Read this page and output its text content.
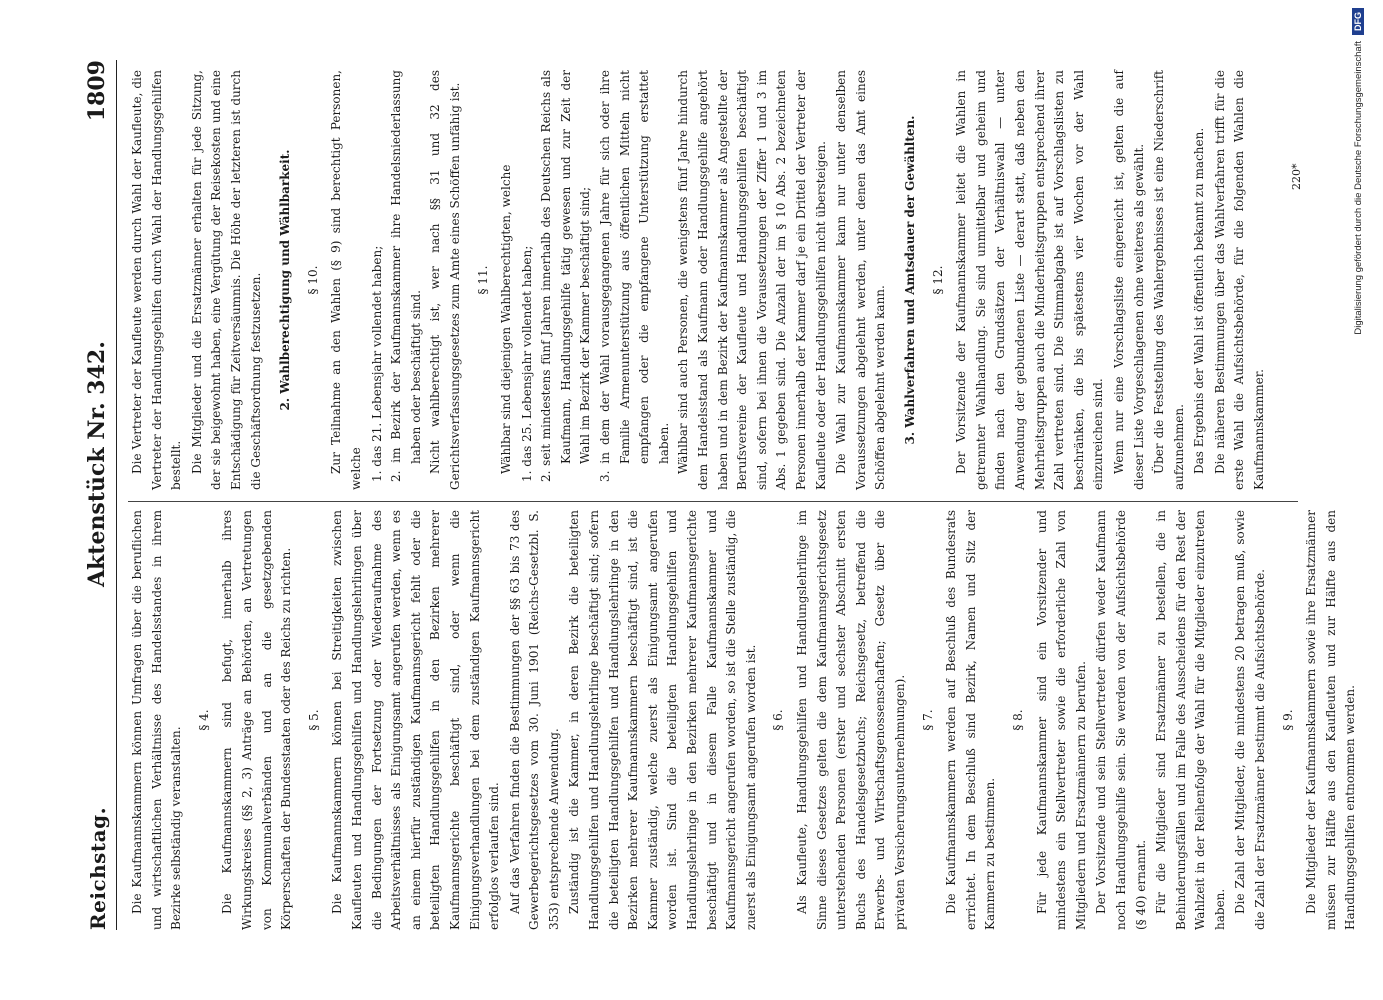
Reichstag.
Aktenstück Nr. 342.
1809

Die Kaufmannskammern können Umfragen über die beruflichen und wirtschaftlichen Verhältnisse des Handelsstandes in ihrem Bezirke selbständig veranstalten.

§ 4. Die Kaufmannskammern sind befugt, innerhalb ihres Wirkungskreises (§§ 2, 3) Anträge an Behörden, an Vertretungen von Kommunalverbänden und an die gesetzgebenden Körperschaften der Bundesstaaten oder des Reichs zu richten. § 5. Die Kaufmannskammern können bei Streitigkeiten zwischen Kaufleuten und Handlungsgehilfen und Handlungslehrlingen über die Bedingungen der Fortsetzung oder Wiederaufnahme des Arbeitsverhältnisses als Einigungsamt angerufen werden, wenn es an einem hierfür zuständigen Kaufmannsgericht fehlt oder die beteiligten Handlungsgehilfen in den Bezirken mehrerer Kaufmannsgerichte beschäftigt sind, oder wenn die Einigungsverhandlungen bei dem zuständigen Kaufmannsgericht erfolglos verlaufen sind. Auf das Verfahren finden die Bestimmungen der §§ 63 bis 73 des Gewerbegerichtsgesetzes vom 30. Juni 1901 (Reichs-Gesetzbl. S. 353) entsprechende Anwendung. Zuständig ist die Kammer, in deren Bezirk die beteiligten Handlungsgehilfen und Handlungslehrlinge beschäftigt sind; sofern die beteiligten Handlungsgehilfen und Handlungslehrlinge in den Bezirken mehrerer Kaufmannskammern beschäftigt sind, ist die Kammer zuständig, welche zuerst als Einigungsamt angerufen worden ist. Sind die beteiligten Handlungsgehilfen und Handlungslehrlinge in den Bezirken mehrerer Kaufmannsgerichte beschäftigt und in diesem Falle Kaufmannskammer und Kaufmannsgericht angerufen worden, so ist die Stelle zuständig, die zuerst als Einigungsamt angerufen worden ist. § 6. Als Kaufleute, Handlungsgehilfen und Handlungslehrlinge im Sinne dieses Gesetzes gelten die dem Kaufmannsgerichtsgesetz unterstehenden Personen (erster und sechster Abschnitt ersten Buchs des Handelsgesetzbuchs; Reichsgesetz, betreffend die Erwerbs- und Wirtschaftsgenossenschaften; Gesetz über die privaten Versicherungsunternehmungen). § 7. Die Kaufmannskammern werden auf Beschluß des Bundesrats errichtet. In dem Beschluß sind Bezirk, Namen und Sitz der Kammern zu bestimmen.

§ 8. Für jede Kaufmannskammer sind ein Vorsitzender und mindestens ein Stellvertreter sowie die erforderliche Zahl von Mitgliedern und Ersatzmännern zu berufen. Der Vorsitzende und sein Stellvertreter dürfen weder Kaufmann noch Handlungsgehilfe sein. Sie werden von der Aufsichtsbehörde (§ 40) ernannt. Für die Mitglieder sind Ersatzmänner zu bestellen, die in Behinderungsfällen und im Falle des Ausscheidens für den Rest der Wahlzeit in der Reihenfolge der Wahl für die Mitglieder einzutreten haben. Die Zahl der Mitglieder, die mindestens 20 betragen muß, sowie die Zahl der Ersatzmänner bestimmt die Aufsichtsbehörde. § 9. Die Mitglieder der Kaufmannskammern sowie ihre Ersatzmänner müssen zur Hälfte aus den Kaufleuten und zur Hälfte aus den Handlungsgehilfen entnommen werden.

Die Vertreter der Kaufleute werden durch Wahl der Kaufleute, die Vertreter der Handlungsgehilfen durch Wahl der Handlungsgehilfen bestellt. Die Mitglieder und die Ersatzmänner erhalten für jede Sitzung, der sie beigewohnt haben, eine Vergütung der Reisekosten und eine Entschädigung für Zeitversäumnis. Die Höhe der letzteren ist durch die Geschäftsordnung festzusetzen. 2. Wahlberechtigung und Wählbarkeit. § 10. Zur Teilnahme an den Wahlen (§ 9) sind berechtigt Personen, welche 1. das 21. Lebensjahr vollendet haben; 2. im Bezirk der Kaufmannskammer ihre Handelsniederlassung haben oder beschäftigt sind. Nicht wahlberechtigt ist, wer nach §§ 31 und 32 des Gerichtsverfassungsgesetzes zum Amte eines Schöffen unfähig ist. § 11. Wählbar sind diejenigen Wahlberechtigten, welche 1. das 25. Lebensjahr vollendet haben; 2. seit mindestens fünf Jahren innerhalb des Deutschen Reichs als Kaufmann, Handlungsgehilfe tätig gewesen und zur Zeit der Wahl im Bezirk der Kammer beschäftigt sind; 3. in dem der Wahl vorausgegangenen Jahre für sich oder ihre Familie Armenunterstützung aus öffentlichen Mitteln nicht empfangen oder die empfangene Unterstützung erstattet haben. Wählbar sind auch Personen, die wenigstens fünf Jahre hindurch dem Handelsstand als Kaufmann oder Handlungsgehilfe angehört haben und in dem Bezirk der Kaufmannskammer als Angestellte der Berufsvereine der Kaufleute und Handlungsgehilfen beschäftigt sind, sofern bei ihnen die Voraussetzungen der Ziffer 1 und 3 im Abs. 1 gegeben sind. Die Anzahl der im § 10 Abs. 2 bezeichneten Personen innerhalb der Kammer darf je ein Drittel der Vertreter der Kaufleute oder der Handlungsgehilfen nicht übersteigen. Die Wahl zur Kaufmannskammer kann nur unter denselben Voraussetzungen abgelehnt werden, unter denen das Amt eines Schöffen abgelehnt werden kann. 3. Wahlverfahren und Amtsdauer der Gewählten. § 12. Der Vorsitzende der Kaufmannskammer leitet die Wahlen in getrennter Wahlhandlung. Sie sind unmittelbar und geheim und finden nach den Grundsätzen der Verhältniswahl — unter Anwendung der gebundenen Liste — derart statt, daß neben den Mehrheitsgruppen auch die Minderheitsgruppen entsprechend ihrer Zahl vertreten sind. Die Stimmabgabe ist auf Vorschlagslisten zu beschränken, die bis spätestens vier Wochen vor der Wahl einzureichen sind. Wenn nur eine Vorschlagsliste eingereicht ist, gelten die auf dieser Liste Vorgeschlagenen ohne weiteres als gewählt. Über die Feststellung des Wahlergebnisses ist eine Niederschrift aufzunehmen. Das Ergebnis der Wahl ist öffentlich bekannt zu machen. Die näheren Bestimmungen über das Wahlverfahren trifft für die erste Wahl die Aufsichtsbehörde, für die folgenden Wahlen die Kaufmannskammer.

220*	Digitalisierung gefördert durch die Deutsche Forschungsgemeinschaft
DFG
